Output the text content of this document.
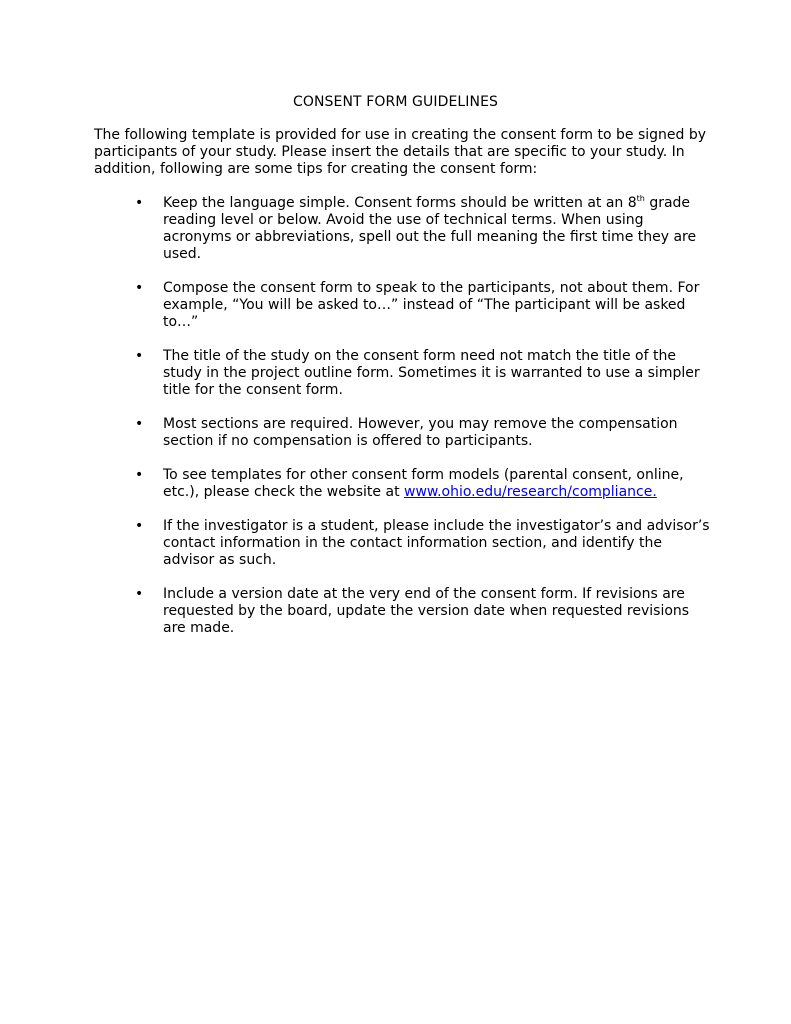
CONSENT FORM GUIDELINES

The following template is provided for use in creating the consent form to be signed by participants of your study. Please insert the details that are specific to your study. In addition, following are some tips for creating the consent form:

•	Keep the language simple. Consent forms should be written at an 8th grade reading level or below. Avoid the use of technical terms. When using acronyms or abbreviations, spell out the full meaning the first time they are used.
•	Compose the consent form to speak to the participants, not about them. For example, “You will be asked to…” instead of “The participant will be asked to…”
•	The title of the study on the consent form need not match the title of the study in the project outline form. Sometimes it is warranted to use a simpler title for the consent form.
•	Most sections are required. However, you may remove the compensation section if no compensation is offered to participants.
•	To see templates for other consent form models (parental consent, online, etc.), please check the website at www.ohio.edu/research/compliance.
•	If the investigator is a student, please include the investigator’s and advisor’s contact information in the contact information section, and identify the advisor as such.
•	Include a version date at the very end of the consent form. If revisions are requested by the board, update the version date when requested revisions are made.
